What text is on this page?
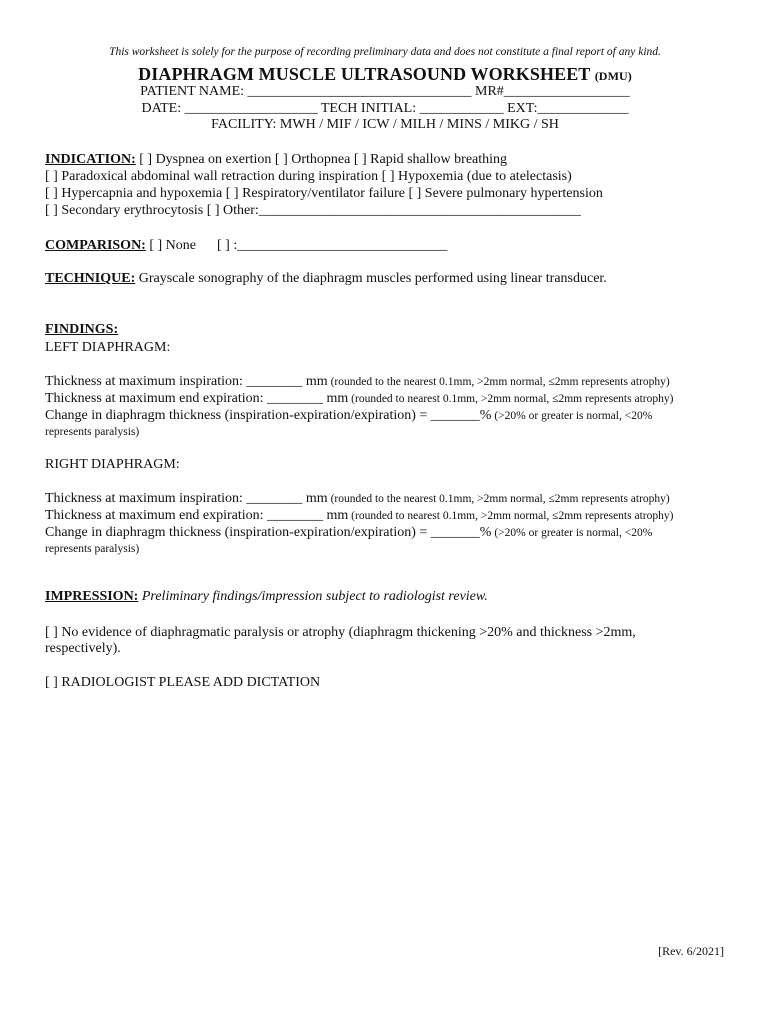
This worksheet is solely for the purpose of recording preliminary data and does not constitute a final report of any kind.
DIAPHRAGM MUSCLE ULTRASOUND WORKSHEET (DMU)
PATIENT NAME: ________________________________ MR#__________________
DATE: ___________________ TECH INITIAL: ____________ EXT:_____________
FACILITY: MWH / MIF / ICW / MILH / MINS / MIKG / SH
INDICATION: [ ] Dyspnea on exertion [ ] Orthopnea [ ] Rapid shallow breathing
[ ] Paradoxical abdominal wall retraction during inspiration [ ] Hypoxemia (due to atelectasis)
[ ] Hypercapnia and hypoxemia [ ] Respiratory/ventilator failure [ ] Severe pulmonary hypertension
[ ] Secondary erythrocytosis [ ] Other:______________________________________________
COMPARISON: [ ] None      [ ] :______________________________
TECHNIQUE: Grayscale sonography of the diaphragm muscles performed using linear transducer.
FINDINGS:
LEFT DIAPHRAGM:
Thickness at maximum inspiration: ________ mm (rounded to the nearest 0.1mm, >2mm normal, ≤2mm represents atrophy)
Thickness at maximum end expiration: ________ mm (rounded to nearest 0.1mm, >2mm normal, ≤2mm represents atrophy)
Change in diaphragm thickness (inspiration-expiration/expiration) = _______% (>20% or greater is normal, <20%
represents paralysis)
RIGHT DIAPHRAGM:
Thickness at maximum inspiration: ________ mm (rounded to the nearest 0.1mm, >2mm normal, ≤2mm represents atrophy)
Thickness at maximum end expiration: ________ mm (rounded to nearest 0.1mm, >2mm normal, ≤2mm represents atrophy)
Change in diaphragm thickness (inspiration-expiration/expiration) = _______% (>20% or greater is normal, <20%
represents paralysis)
IMPRESSION: Preliminary findings/impression subject to radiologist review.
[ ] No evidence of diaphragmatic paralysis or atrophy (diaphragm thickening >20% and thickness >2mm,
respectively).
[ ] RADIOLOGIST PLEASE ADD DICTATION
[Rev. 6/2021]
